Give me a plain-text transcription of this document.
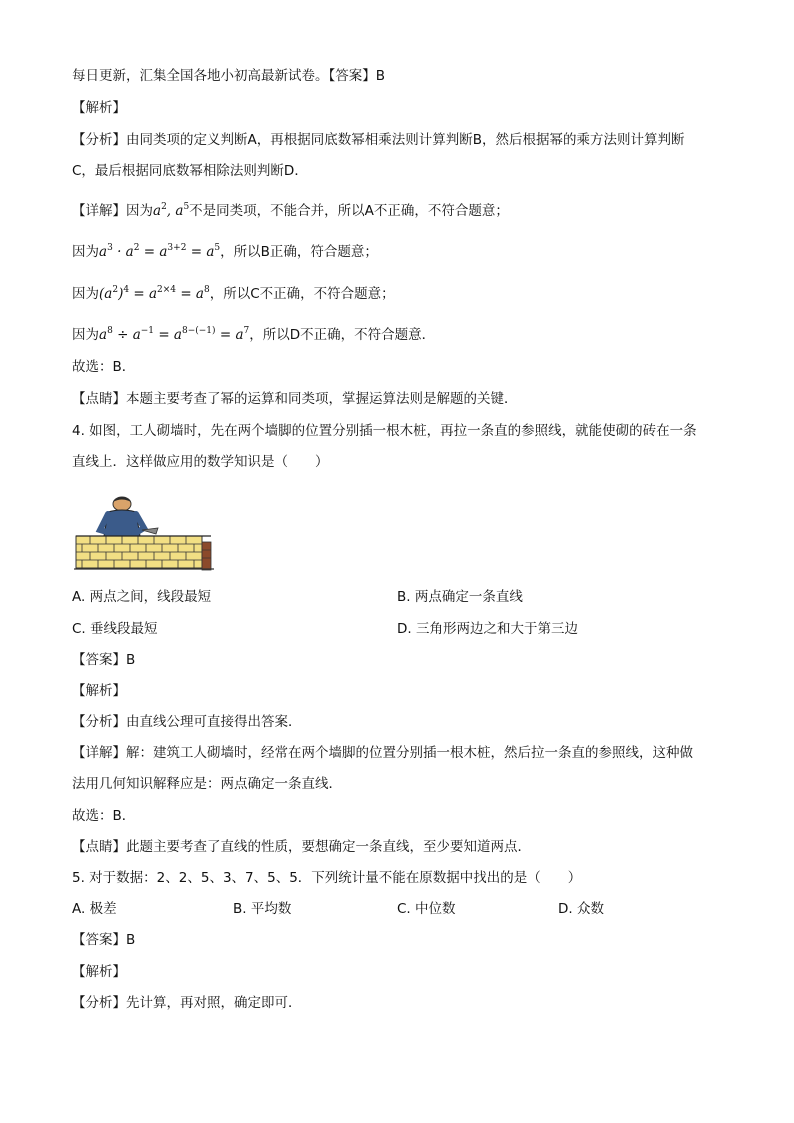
每日更新，汇集全国各地小初高最新试卷。【答案】B
【解析】
【分析】由同类项的定义判断A，再根据同底数幂相乘法则计算判断B，然后根据幂的乘方法则计算判断
C，最后根据同底数幂相除法则判断D．
【详解】因为$a^2$, $a^5$不是同类项，不能合并，所以A不正确，不符合题意；
因为$a^3 \cdot a^2 = a^{3+2} = a^5$，所以B正确，符合题意；
因为$(a^2)^4 = a^{2\times 4} = a^8$，所以C不正确，不符合题意；
因为$a^8 \div a^{-1} = a^{8-(-1)} = a^7$，所以D不正确，不符合题意．
故选：B．
【点睛】本题主要考查了幂的运算和同类项，掌握运算法则是解题的关键．
4. 如图，工人砌墙时，先在两个墙脚的位置分别插一根木桩，再拉一条直的参照线，就能使砌的砖在一条
直线上．这样做应用的数学知识是（　　）
A. 两点之间，线段最短	B. 两点确定一条直线
C. 垂线段最短	D. 三角形两边之和大于第三边
【答案】B
【解析】
【分析】由直线公理可直接得出答案．
【详解】解：建筑工人砌墙时，经常在两个墙脚的位置分别插一根木桩，然后拉一条直的参照线，这种做
法用几何知识解释应是：两点确定一条直线．
故选：B．
【点睛】此题主要考查了直线的性质，要想确定一条直线，至少要知道两点．
5. 对于数据：2、2、5、3、7、5、5．下列统计量不能在原数据中找出的是（　　）
A. 极差	B. 平均数	C. 中位数	D. 众数
【答案】B
【解析】
【分析】先计算，再对照，确定即可．
